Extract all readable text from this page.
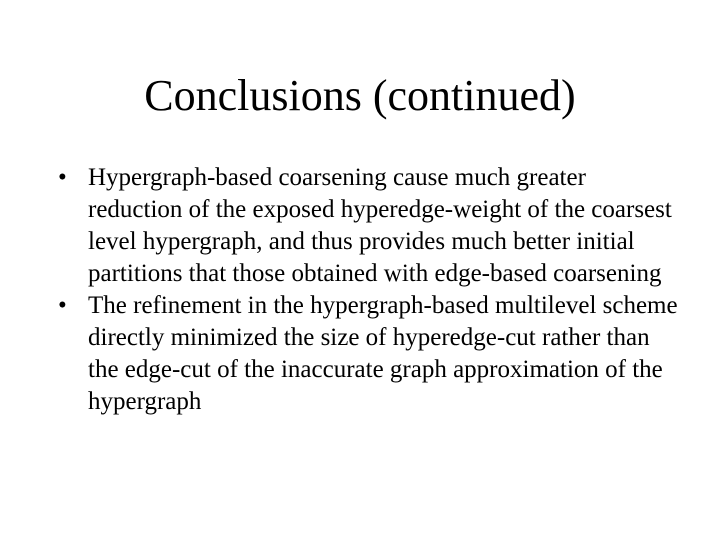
Conclusions (continued)
• Hypergraph-based coarsening cause much greater reduction of the exposed hyperedge-weight of the coarsest level hypergraph, and thus provides much better initial partitions that those obtained with edge-based coarsening
• The refinement in the hypergraph-based multilevel scheme directly minimized the size of hyperedge-cut rather than the edge-cut of the inaccurate graph approximation of the hypergraph
